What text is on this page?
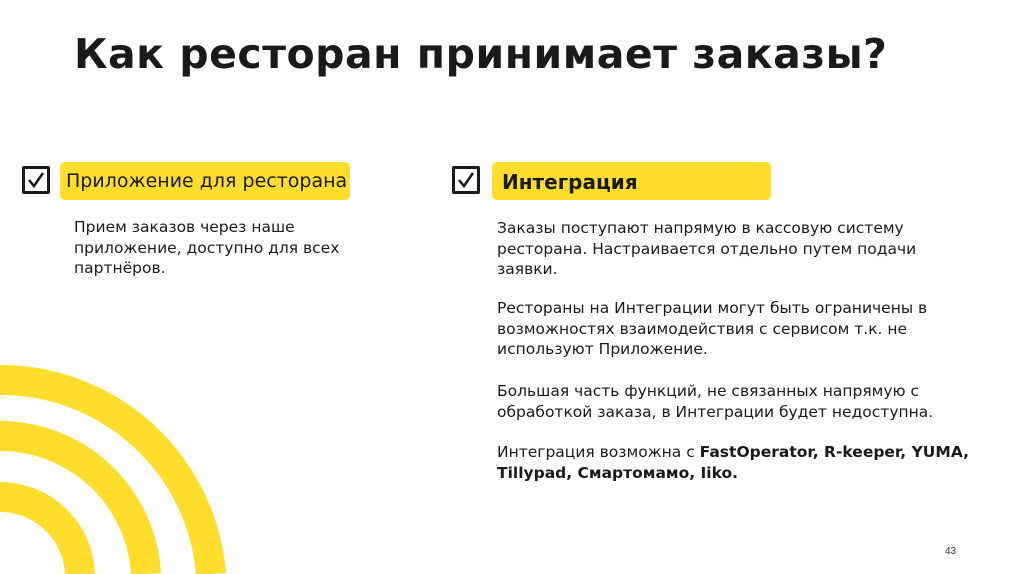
Как ресторан принимает заказы?
Приложение для ресторана

Прием заказов через наше
приложение, доступно для всех
партнёров.

Интеграция

Заказы поступают напрямую в кассовую систему
ресторана. Настраивается отдельно путем подачи
заявки.

Рестораны на Интеграции могут быть ограничены в
возможностях взаимодействия с сервисом т.к. не
используют Приложение.

Большая часть функций, не связанных напрямую с
обработкой заказа, в Интеграции будет недоступна.

Интеграция возможна с FastOperator, R-keeper, YUMA,
Tillypad, Смартомамо, Iiko.

43
